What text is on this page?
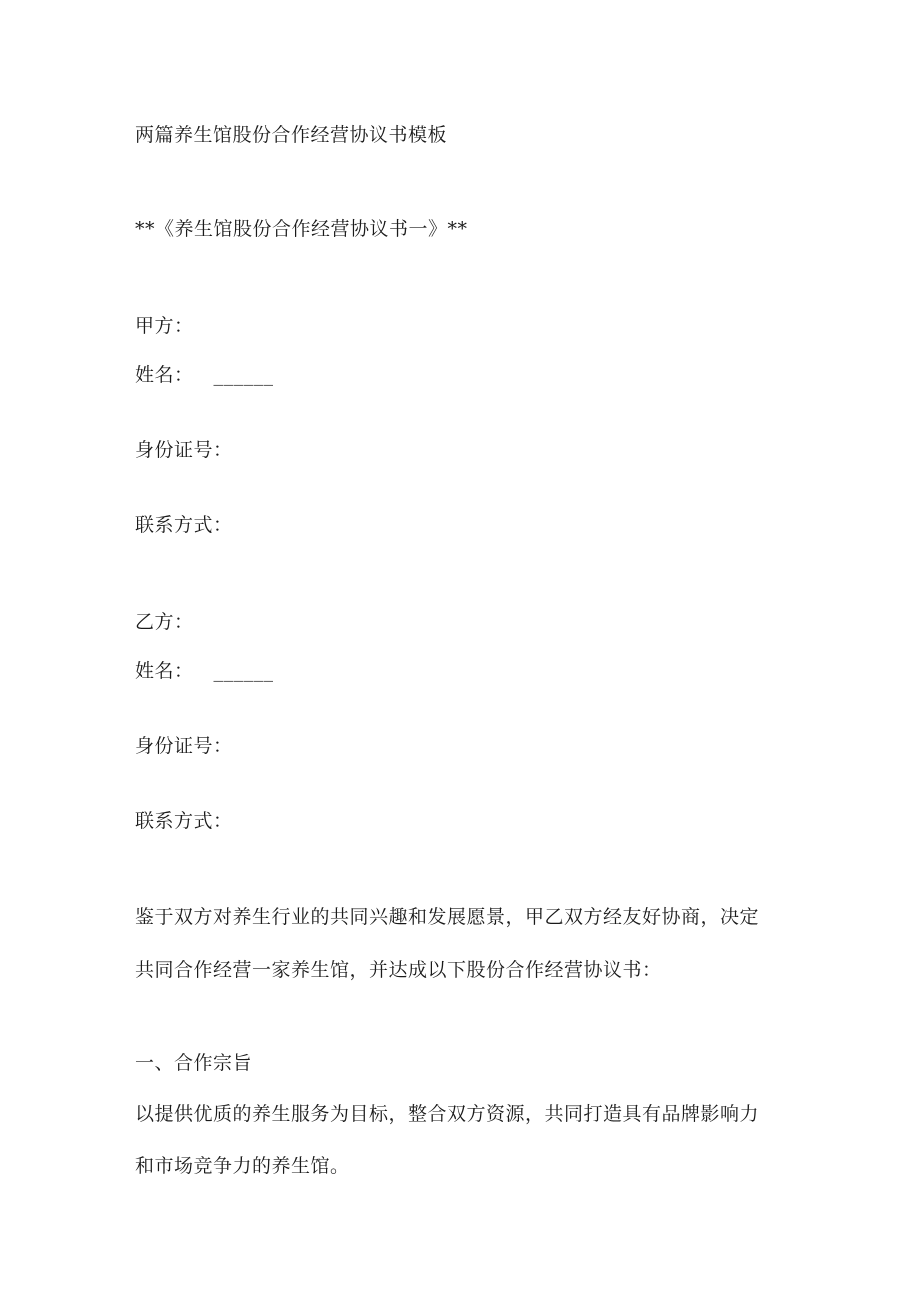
两篇养生馆股份合作经营协议书模板
**《养生馆股份合作经营协议书一》**
甲方：
姓名： ______
身份证号：
联系方式：
乙方：
姓名： ______
身份证号：
联系方式：
鉴于双方对养生行业的共同兴趣和发展愿景，甲乙双方经友好协商，决定
共同合作经营一家养生馆，并达成以下股份合作经营协议书：
一、合作宗旨
以提供优质的养生服务为目标，整合双方资源，共同打造具有品牌影响力
和市场竞争力的养生馆。
